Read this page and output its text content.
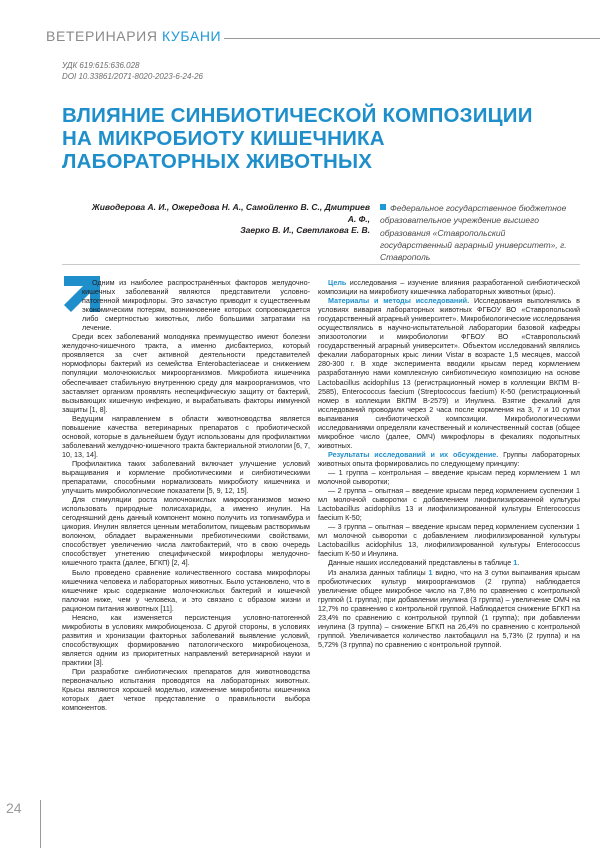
ВЕТЕРИНАРИЯ КУБАНИ
УДК 619:615:636.028
DOI 10.33861/2071-8020-2023-6-24-26
ВЛИЯНИЕ СИНБИОТИЧЕСКОЙ КОМПОЗИЦИИ НА МИКРОБИОТУ КИШЕЧНИКА ЛАБОРАТОРНЫХ ЖИВОТНЫХ
Живодерова А. И., Ожередова Н. А., Самойленко В. С., Дмитриев А. Ф.,
Заерко В. И., Светлакова Е. В.
Федеральное государственное бюджетное образовательное учреждение высшего образования «Ставропольский государственный аграрный университет», г. Ставрополь

Одним из наиболее распространённых факторов желудочно-кишечных заболеваний являются представители условно-патогенной микрофлоры. Это зачастую приводит к существенным экономическим потерям, возникновение которых сопровождается либо смертностью животных, либо большими затратами на лечение.

Среди всех заболеваний молодняка преимущество имеют болезни желудочно-кишечного тракта, а именно дисбактериоз, который проявляется за счет активной деятельности представителей нормофлоры бактерий из семейства Enterobacteriaceae и снижением популяции молочнокислых микроорганизмов. Микробиота кишечника обеспечивает стабильную внутреннюю среду для макроорганизмов, что заставляет организм проявлять неспецифическую защиту от бактерий, вызывающих кишечную инфекцию, и вырабатывать факторы иммунной защиты [1, 8].

Ведущим направлением в области животноводства является повышение качества ветеринарных препаратов с пробиотической основой, которые в дальнейшем будут использованы для профилактики заболеваний желудочно-кишечного тракта бактериальной этиологии [6, 7, 10, 13, 14].

Профилактика таких заболеваний включает улучшение условий выращивания и кормление пробиотическими и синбиотическими препаратами, способными нормализовать микробиоту кишечника и улучшить микробиологические показатели [5, 9, 12, 15].

Для стимуляции роста молочнокислых микроорганизмов можно использовать природные полисахариды, а именно инулин. На сегодняшний день данный компонент можно получить из топинамбура и цикория. Инулин является ценным метаболитом, пищевым растворимым волокном, обладает выраженными пребиотическими свойствами, способствует увеличению числа лактобактерий, что в свою очередь способствует угнетению специфической микрофлоры желудочно-кишечного тракта (далее, БГКП) [2, 4].

Было проведено сравнение количественного состава микрофлоры кишечника человека и лабораторных животных. Было установлено, что в кишечнике крыс содержание молочнокислых бактерий и кишечной палочки ниже, чем у человека, и это связано с образом жизни и рационом питания животных [11].

Неясно, как изменяется персистенция условно-патогенной микробиоты в условиях микробиоценоза. С другой стороны, в условиях развития и хронизации факторных заболеваний выявление условий, способствующих формированию патологического микробиоценоза, является одним из приоритетных направлений ветеринарной науки и практики [3].

При разработке синбиотических препаратов для животноводства первоначально испытания проводятся на лабораторных животных. Крысы являются хорошей моделью, изменение микробиоты кишечника которых дает четкое представление о правильности выбора компонентов.

Цель исследования – изучение влияния разработанной синбиотической композиции на микробиоту кишечника лабораторных животных (крыс).

Материалы и методы исследований. Исследования выполнялись в условиях вивария лабораторных животных ФГБОУ ВО «Ставропольский государственный аграрный университет». Микробиологические исследования осуществлялись в научно-испытательной лаборатории базовой кафедры эпизоотологии и микробиологии ФГБОУ ВО «Ставропольский государственный аграрный университет». Объектом исследований являлись фекалии лабораторных крыс линии Vistar в возрасте 1,5 месяцев, массой 280-300 г. В ходе эксперимента вводили крысам перед кормлением разработанную нами комплексную синбиотическую композицию на основе Lactobacillus acidophilus 13 (регистрационный номер в коллекции ВКПМ B-2585), Enterococcus faecium (Streptococcus faecium) К-50 (регистрационный номер в коллекции ВКПМ B-2579) и Инулина. Взятие фекалий для исследований проводили через 2 часа после кормления на 3, 7 и 10 сутки выпаивания синбиотической композиции. Микробиологическими исследованиями определяли качественный и количественный состав (общее микробное число (далее, ОМЧ) микрофлоры в фекалиях подопытных животных.

Результаты исследований и их обсуждение. Группы лабораторных животных опыта формировались по следующему принципу:

— 1 группа – контрольная – введение крысам перед кормлением 1 мл молочной сыворотки;

— 2 группа – опытная – введение крысам перед кормлением суспензии 1 мл молочной сыворотки с добавлением лиофилизированной культуры Lactobacillus acidophilus 13 и лиофилизированной культуры Enterococcus faecium К-50;

— 3 группа – опытная – введение крысам перед кормлением суспензии 1 мл молочной сыворотки с добавлением лиофилизированной культуры Lactobacillus acidophilus 13, лиофилизированной культуры Enterococcus faecium К-50 и Инулина.

Данные наших исследований представлены в таблице 1.

Из анализа данных таблицы 1 видно, что на 3 сутки выпаивания крысам пробиотических культур микроорганизмов (2 группа) наблюдается увеличение общее микробное число на 7,8% по сравнению с контрольной группой (1 группа); при добавлении инулина (3 группа) – увеличение ОМЧ на 12,7% по сравнению с контрольной группой. Наблюдается снижение БГКП на 23,4% по сравнению с контрольной группой (1 группа); при добавлении инулина (3 группа) – снижение БГКП на 26,4% по сравнению с контрольной группой. Увеличивается количество лактобацилл на 5,73% (2 группа) и на 5,72% (3 группа) по сравнению с контрольной группой.

24
